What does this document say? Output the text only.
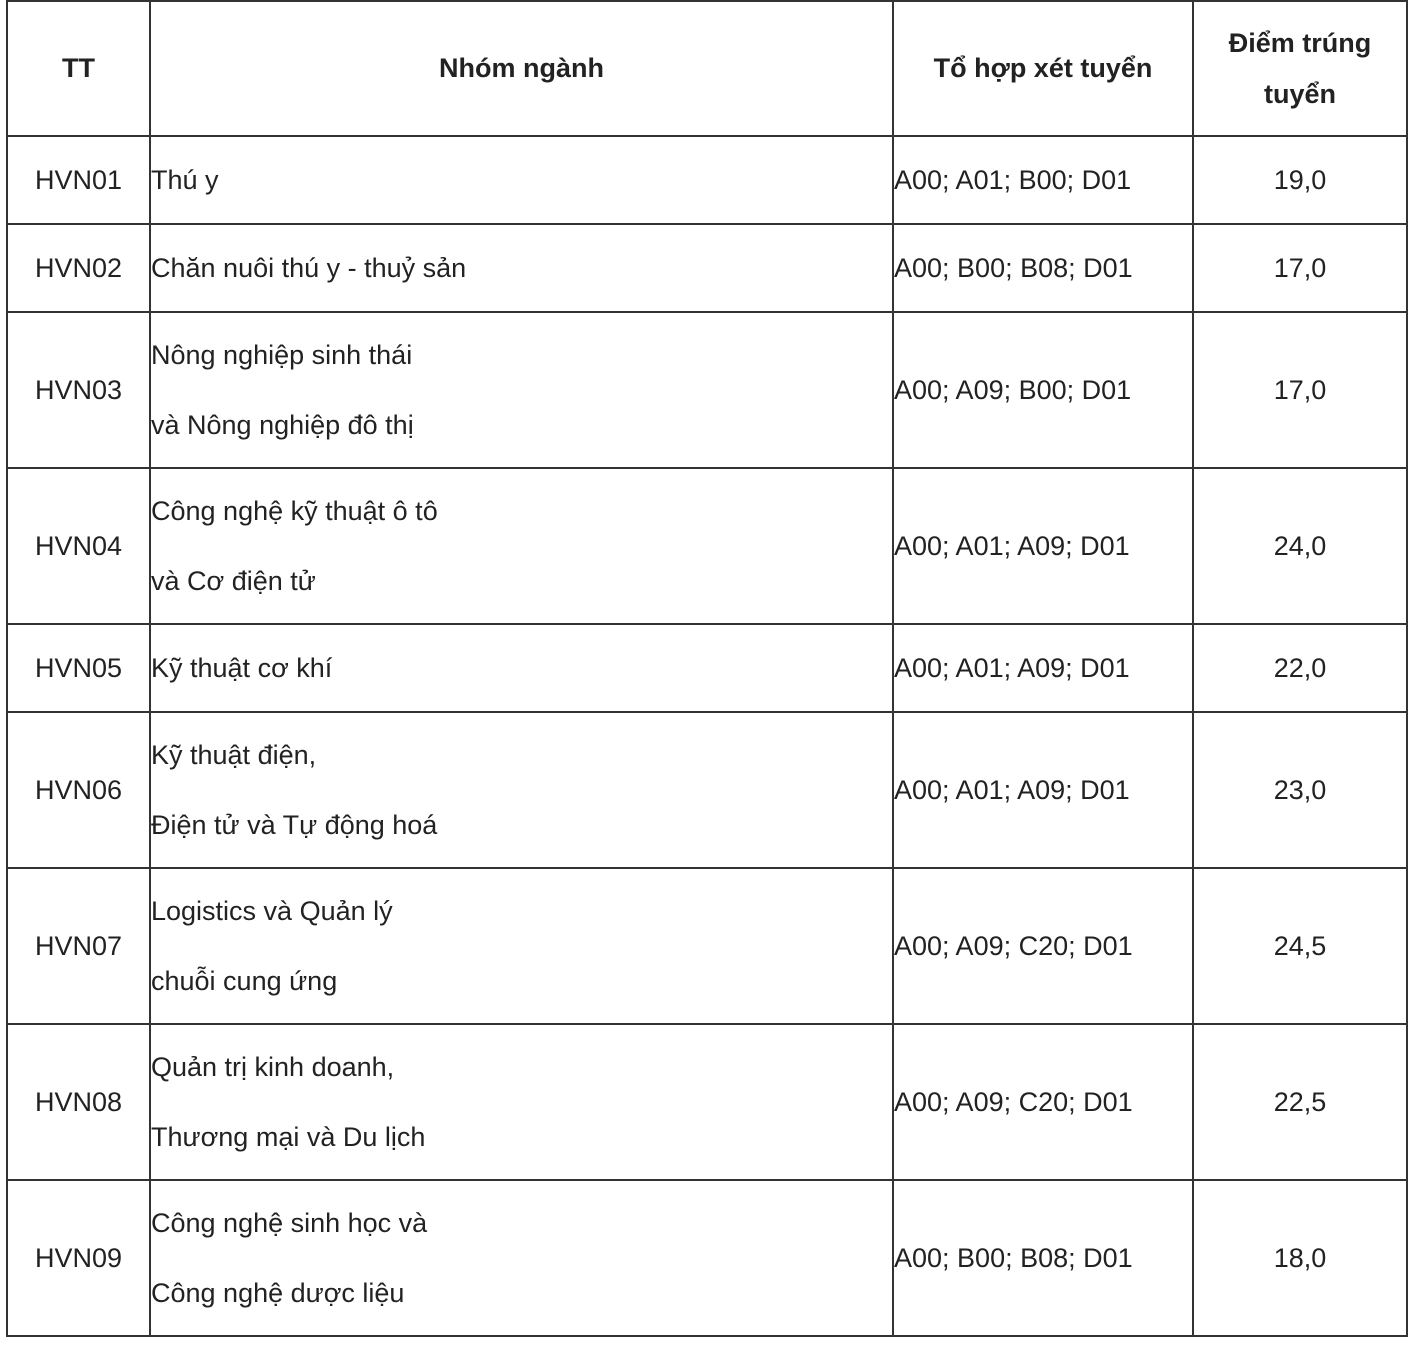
TT	Nhóm ngành	Tổ hợp xét tuyển	Điểm trúng tuyển
HVN01	Thú y	A00; A01; B00; D01	19,0
HVN02	Chăn nuôi thú y - thuỷ sản	A00; B00; B08; D01	17,0
HVN03	Nông nghiệp sinh thái
và Nông nghiệp đô thị	A00; A09; B00; D01	17,0
HVN04	Công nghệ kỹ thuật ô tô
và Cơ điện tử	A00; A01; A09; D01	24,0
HVN05	Kỹ thuật cơ khí	A00; A01; A09; D01	22,0
HVN06	Kỹ thuật điện,
Điện tử và Tự động hoá	A00; A01; A09; D01	23,0
HVN07	Logistics và Quản lý
chuỗi cung ứng	A00; A09; C20; D01	24,5
HVN08	Quản trị kinh doanh,
Thương mại và Du lịch	A00; A09; C20; D01	22,5
HVN09	Công nghệ sinh học và
Công nghệ dược liệu	A00; B00; B08; D01	18,0
